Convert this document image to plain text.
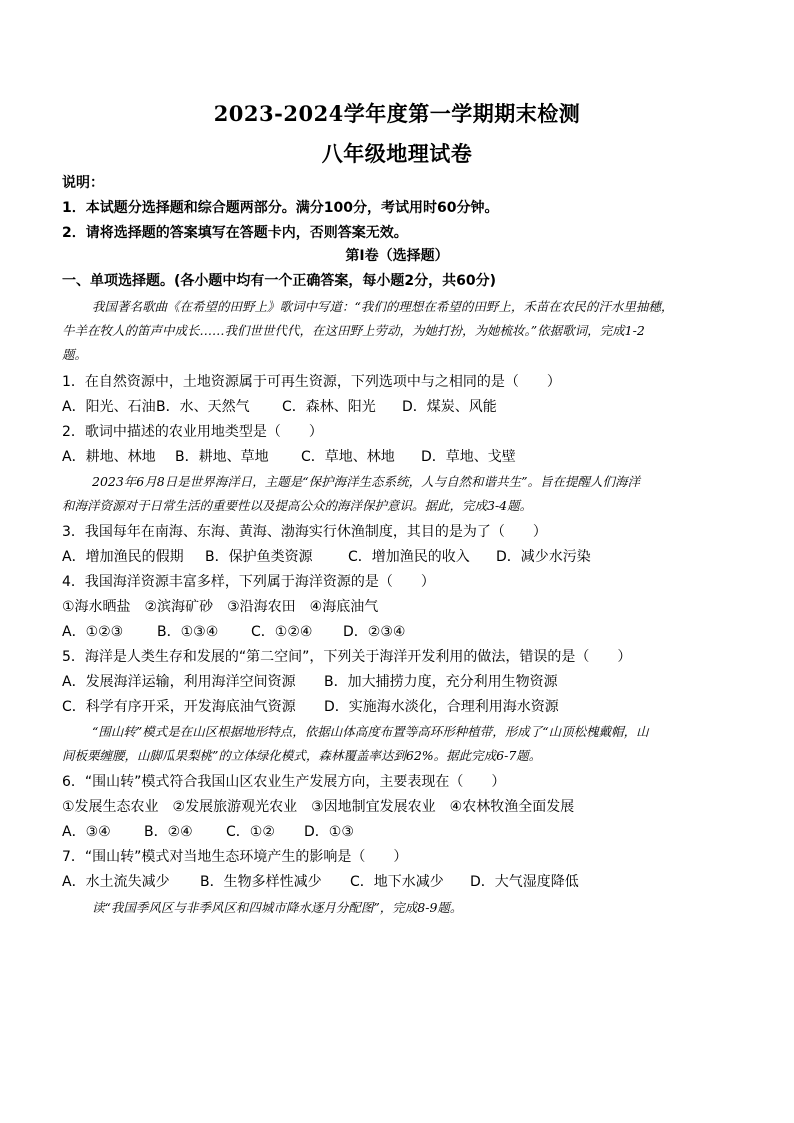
2023-2024学年度第一学期期末检测
八年级地理试卷
说明：
1．本试题分选择题和综合题两部分。满分100分，考试用时60分钟。
2．请将选择题的答案填写在答题卡内，否则答案无效。
第Ⅰ卷（选择题）
一、单项选择题。(各小题中均有一个正确答案，每小题2分，共60分)
我国著名歌曲《在希望的田野上》歌词中写道：“我们的理想在希望的田野上，禾苗在农民的汗水里抽穗，
牛羊在牧人的笛声中成长……我们世世代代，在这田野上劳动，为她打扮，为她梳妆。”依据歌词，完成1-2
题。
1．在自然资源中，土地资源属于可再生资源，下列选项中与之相同的是（　　）
A．阳光、石油B．水、天然气 C．森林、阳光 D．煤炭、风能
2．歌词中描述的农业用地类型是（　　）
A．耕地、林地 B．耕地、草地 C．草地、林地 D．草地、戈壁
2023年6月8日是世界海洋日，主题是“保护海洋生态系统，人与自然和谐共生”。旨在提醒人们海洋
和海洋资源对于日常生活的重要性以及提高公众的海洋保护意识。据此，完成3-4题。
3．我国每年在南海、东海、黄海、渤海实行休渔制度，其目的是为了（　　）
A．增加渔民的假期 B．保护鱼类资源	C．增加渔民的收入 D．减少水污染
4．我国海洋资源丰富多样，下列属于海洋资源的是（　　）
①海水晒盐　②滨海矿砂　③沿海农田　④海底油气
A．①②③ B．①③④ C．①②④ D．②③④
5．海洋是人类生存和发展的“第二空间”，下列关于海洋开发利用的做法，错误的是（　　）
A．发展海洋运输，利用海洋空间资源 B．加大捕捞力度，充分利用生物资源
C．科学有序开采，开发海底油气资源 D．实施海水淡化，合理利用海水资源
“围山转”模式是在山区根据地形特点，依据山体高度布置等高环形种植带，形成了“山顶松槐戴帽，山
间板栗缠腰，山脚瓜果梨桃”的立体绿化模式，森林覆盖率达到62%。据此完成6-7题。
6．“围山转”模式符合我国山区农业生产发展方向，主要表现在（　　）
①发展生态农业　②发展旅游观光农业　③因地制宜发展农业　④农林牧渔全面发展
A．③④ B．②④ C．①② D．①③
7．“围山转”模式对当地生态环境产生的影响是（　　）
A．水土流失减少 B．生物多样性减少 C．地下水减少 D．大气湿度降低
读“我国季风区与非季风区和四城市降水逐月分配图”，完成8-9题。
